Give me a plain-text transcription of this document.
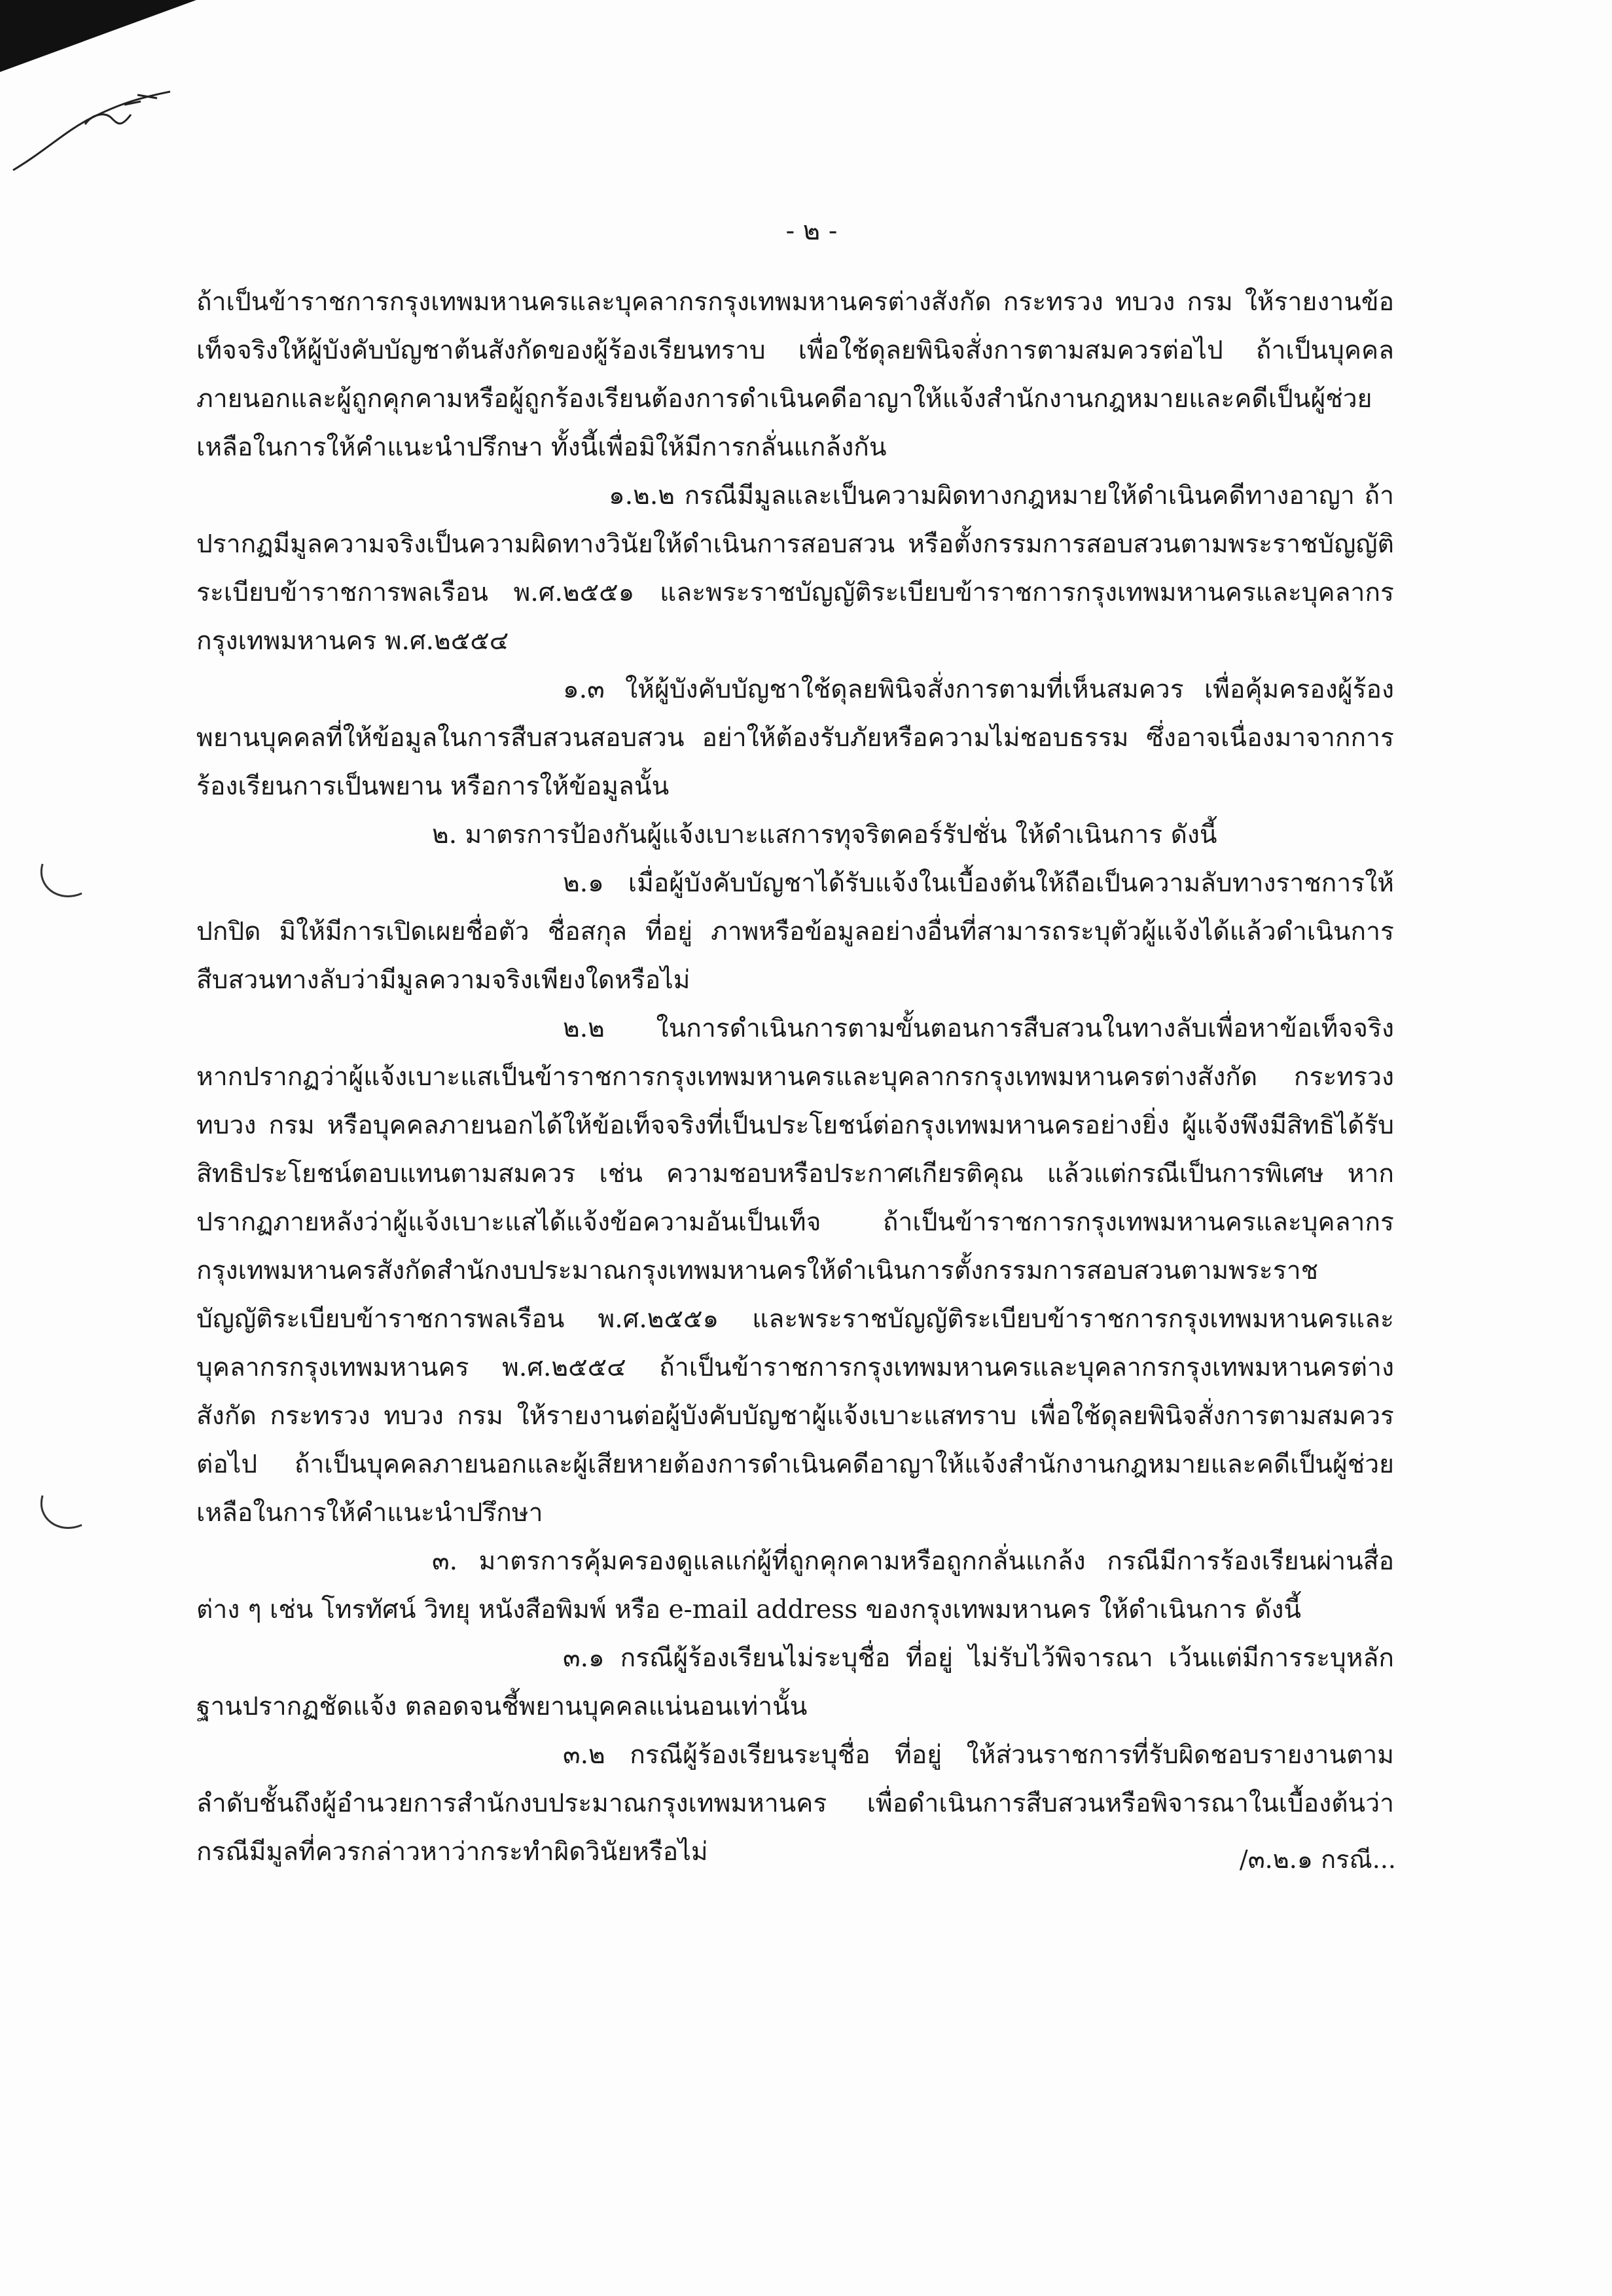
- ๒ -

ถ้าเป็นข้าราชการกรุงเทพมหานครและบุคลากรกรุงเทพมหานครต่างสังกัด กระทรวง ทบวง กรม ให้รายงานข้อเท็จจริงให้ผู้บังคับบัญชาต้นสังกัดของผู้ร้องเรียนทราบ เพื่อใช้ดุลยพินิจสั่งการตามสมควรต่อไป ถ้าเป็นบุคคลภายนอกและผู้ถูกคุกคามหรือผู้ถูกร้องเรียนต้องการดำเนินคดีอาญาให้แจ้งสำนักงานกฎหมายและคดีเป็นผู้ช่วยเหลือในการให้คำแนะนำปรึกษา ทั้งนี้เพื่อมิให้มีการกลั่นแกล้งกัน

๑.๒.๒ กรณีมีมูลและเป็นความผิดทางกฎหมายให้ดำเนินคดีทางอาญา ถ้าปรากฏมีมูลความจริงเป็นความผิดทางวินัยให้ดำเนินการสอบสวน หรือตั้งกรรมการสอบสวนตามพระราชบัญญัติระเบียบข้าราชการพลเรือน พ.ศ.๒๕๕๑ และพระราชบัญญัติระเบียบข้าราชการกรุงเทพมหานครและบุคลากรกรุงเทพมหานคร พ.ศ.๒๕๕๔

๑.๓ ให้ผู้บังคับบัญชาใช้ดุลยพินิจสั่งการตามที่เห็นสมควร เพื่อคุ้มครองผู้ร้อง พยานบุคคลที่ให้ข้อมูลในการสืบสวนสอบสวน อย่าให้ต้องรับภัยหรือความไม่ชอบธรรม ซึ่งอาจเนื่องมาจากการร้องเรียนการเป็นพยาน หรือการให้ข้อมูลนั้น

๒. มาตรการป้องกันผู้แจ้งเบาะแสการทุจริตคอร์รัปชั่น ให้ดำเนินการ ดังนี้

๒.๑ เมื่อผู้บังคับบัญชาได้รับแจ้งในเบื้องต้นให้ถือเป็นความลับทางราชการให้ปกปิด มิให้มีการเปิดเผยชื่อตัว ชื่อสกุล ที่อยู่ ภาพหรือข้อมูลอย่างอื่นที่สามารถระบุตัวผู้แจ้งได้แล้วดำเนินการสืบสวนทางลับว่ามีมูลความจริงเพียงใดหรือไม่

๒.๒ ในการดำเนินการตามขั้นตอนการสืบสวนในทางลับเพื่อหาข้อเท็จจริง หากปรากฏว่าผู้แจ้งเบาะแสเป็นข้าราชการกรุงเทพมหานครและบุคลากรกรุงเทพมหานครต่างสังกัด กระทรวง ทบวง กรม หรือบุคคลภายนอกได้ให้ข้อเท็จจริงที่เป็นประโยชน์ต่อกรุงเทพมหานครอย่างยิ่ง ผู้แจ้งพึงมีสิทธิได้รับสิทธิประโยชน์ตอบแทนตามสมควร เช่น ความชอบหรือประกาศเกียรติคุณ แล้วแต่กรณีเป็นการพิเศษ หากปรากฏภายหลังว่าผู้แจ้งเบาะแสได้แจ้งข้อความอันเป็นเท็จ ถ้าเป็นข้าราชการกรุงเทพมหานครและบุคลากรกรุงเทพมหานครสังกัดสำนักงบประมาณกรุงเทพมหานครให้ดำเนินการตั้งกรรมการสอบสวนตามพระราชบัญญัติระเบียบข้าราชการพลเรือน พ.ศ.๒๕๕๑ และพระราชบัญญัติระเบียบข้าราชการกรุงเทพมหานครและบุคลากรกรุงเทพมหานคร พ.ศ.๒๕๕๔ ถ้าเป็นข้าราชการกรุงเทพมหานครและบุคลากรกรุงเทพมหานครต่างสังกัด กระทรวง ทบวง กรม ให้รายงานต่อผู้บังคับบัญชาผู้แจ้งเบาะแสทราบ เพื่อใช้ดุลยพินิจสั่งการตามสมควรต่อไป ถ้าเป็นบุคคลภายนอกและผู้เสียหายต้องการดำเนินคดีอาญาให้แจ้งสำนักงานกฎหมายและคดีเป็นผู้ช่วยเหลือในการให้คำแนะนำปรึกษา

๓. มาตรการคุ้มครองดูแลแก่ผู้ที่ถูกคุกคามหรือถูกกลั่นแกล้ง กรณีมีการร้องเรียนผ่านสื่อต่าง ๆ เช่น โทรทัศน์ วิทยุ หนังสือพิมพ์ หรือ e-mail address ของกรุงเทพมหานคร ให้ดำเนินการ ดังนี้

๓.๑ กรณีผู้ร้องเรียนไม่ระบุชื่อ ที่อยู่ ไม่รับไว้พิจารณา เว้นแต่มีการระบุหลักฐานปรากฏชัดแจ้ง ตลอดจนชี้พยานบุคคลแน่นอนเท่านั้น

๓.๒ กรณีผู้ร้องเรียนระบุชื่อ ที่อยู่ ให้ส่วนราชการที่รับผิดชอบรายงานตามลำดับชั้นถึงผู้อำนวยการสำนักงบประมาณกรุงเทพมหานคร เพื่อดำเนินการสืบสวนหรือพิจารณาในเบื้องต้นว่า กรณีมีมูลที่ควรกล่าวหาว่ากระทำผิดวินัยหรือไม่	/๓.๒.๑ กรณี...
